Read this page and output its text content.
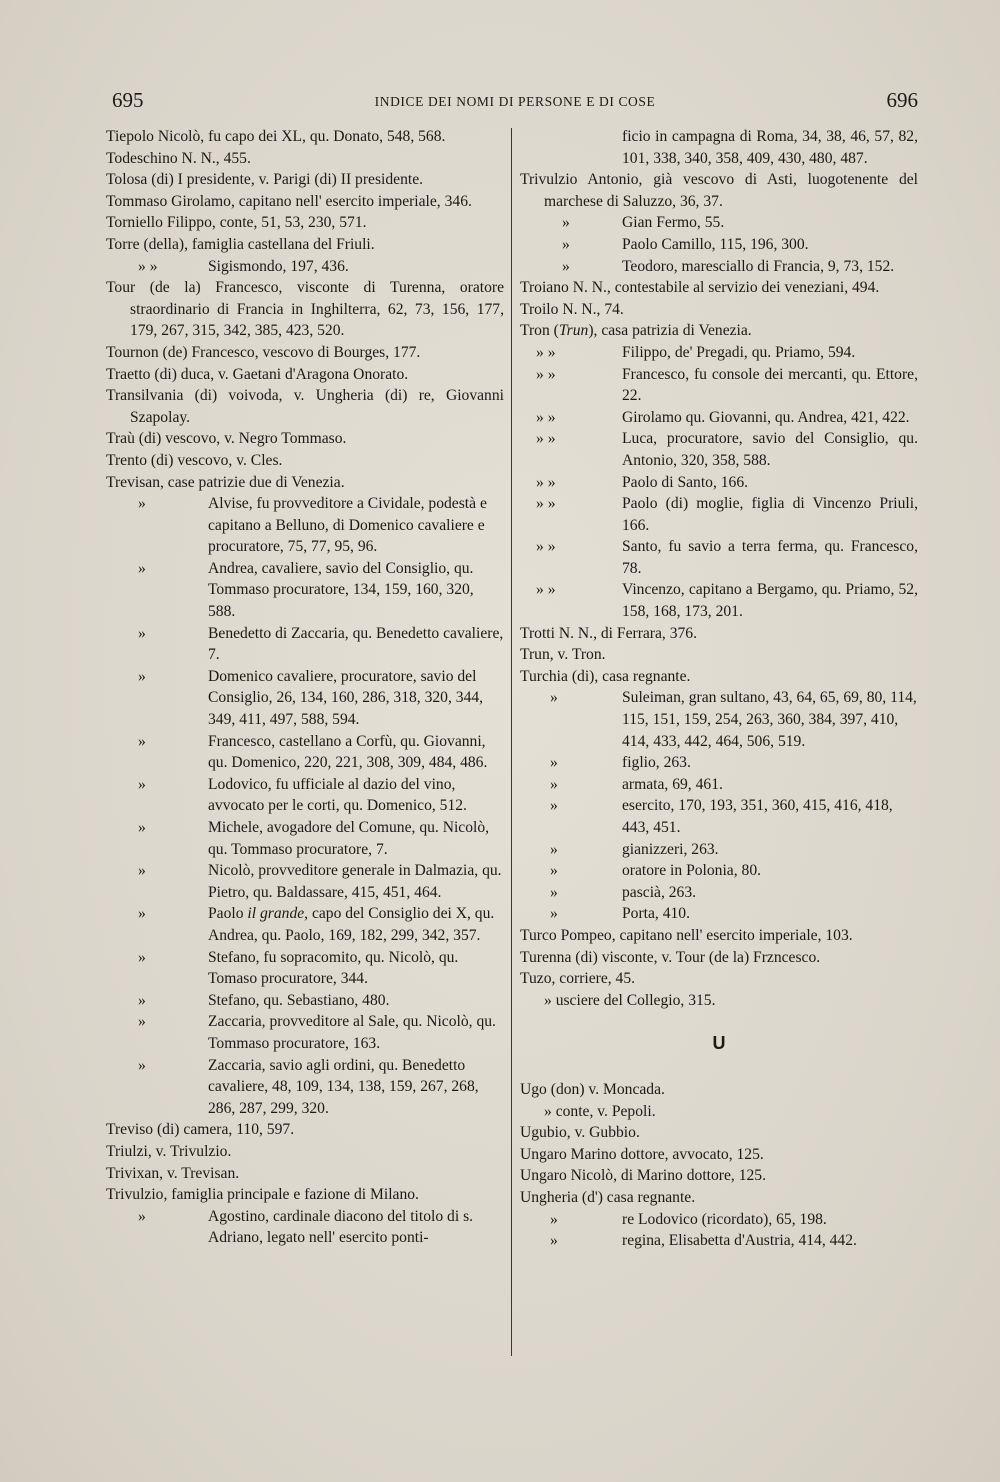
695	INDICE DEI NOMI DI PERSONE E DI COSE	696
Tiepolo Nicolò, fu capo dei XL, qu. Donato, 548, 568.
Todeschino N. N., 455.
Tolosa (di) I presidente, v. Parigi (di) II presidente.
Tommaso Girolamo, capitano nell' esercito imperiale, 346.
Torniello Filippo, conte, 51, 53, 230, 571.
Torre (della), famiglia castellana del Friuli.
» »	Sigismondo, 197, 436.
Tour (de la) Francesco, visconte di Turenna, oratore straordinario di Francia in Inghilterra, 62, 73, 156, 177, 179, 267, 315, 342, 385, 423, 520.
Tournon (de) Francesco, vescovo di Bourges, 177.
Traetto (di) duca, v. Gaetani d'Aragona Onorato.
Transilvania (di) voivoda, v. Ungheria (di) re, Giovanni Szapolay.
Traù (di) vescovo, v. Negro Tommaso.
Trento (di) vescovo, v. Cles.
Trevisan, case patrizie due di Venezia.
»	Alvise, fu provveditore a Cividale, podestà e capitano a Belluno, di Domenico cavaliere e procuratore, 75, 77, 95, 96.
»	Andrea, cavaliere, savio del Consiglio, qu. Tommaso procuratore, 134, 159, 160, 320, 588.
»	Benedetto di Zaccaria, qu. Benedetto cavaliere, 7.
»	Domenico cavaliere, procuratore, savio del Consiglio, 26, 134, 160, 286, 318, 320, 344, 349, 411, 497, 588, 594.
»	Francesco, castellano a Corfù, qu. Giovanni, qu. Domenico, 220, 221, 308, 309, 484, 486.
»	Lodovico, fu ufficiale al dazio del vino, avvocato per le corti, qu. Domenico, 512.
»	Michele, avogadore del Comune, qu. Nicolò, qu. Tommaso procuratore, 7.
»	Nicolò, provveditore generale in Dalmazia, qu. Pietro, qu. Baldassare, 415, 451, 464.
»	Paolo il grande, capo del Consiglio dei X, qu. Andrea, qu. Paolo, 169, 182, 299, 342, 357.
»	Stefano, fu sopracomito, qu. Nicolò, qu. Tomaso procuratore, 344.
»	Stefano, qu. Sebastiano, 480.
»	Zaccaria, provveditore al Sale, qu. Nicolò, qu. Tommaso procuratore, 163.
»	Zaccaria, savio agli ordini, qu. Benedetto cavaliere, 48, 109, 134, 138, 159, 267, 268, 286, 287, 299, 320.
Treviso (di) camera, 110, 597.
Triulzi, v. Trivulzio.
Trivixan, v. Trevisan.
Trivulzio, famiglia principale e fazione di Milano.
»	Agostino, cardinale diacono del titolo di s. Adriano, legato nell' esercito ponti-
ficio in campagna di Roma, 34, 38, 46, 57, 82, 101, 338, 340, 358, 409, 430, 480, 487.
Trivulzio Antonio, già vescovo di Asti, luogotenente del marchese di Saluzzo, 36, 37.
»	Gian Fermo, 55.
»	Paolo Camillo, 115, 196, 300.
»	Teodoro, maresciallo di Francia, 9, 73, 152.
Troiano N. N., contestabile al servizio dei veneziani, 494.
Troilo N. N., 74.
Tron (Trun), casa patrizia di Venezia.
» »	Filippo, de' Pregadi, qu. Priamo, 594.
» »	Francesco, fu console dei mercanti, qu. Ettore, 22.
» »	Girolamo qu. Giovanni, qu. Andrea, 421, 422.
» »	Luca, procuratore, savio del Consiglio, qu. Antonio, 320, 358, 588.
» »	Paolo di Santo, 166.
» »	Paolo (di) moglie, figlia di Vincenzo Priuli, 166.
» »	Santo, fu savio a terra ferma, qu. Francesco, 78.
» »	Vincenzo, capitano a Bergamo, qu. Priamo, 52, 158, 168, 173, 201.
Trotti N. N., di Ferrara, 376.
Trun, v. Tron.
Turchia (di), casa regnante.
»	Suleiman, gran sultano, 43, 64, 65, 69, 80, 114, 115, 151, 159, 254, 263, 360, 384, 397, 410, 414, 433, 442, 464, 506, 519.
»	figlio, 263.
»	armata, 69, 461.
»	esercito, 170, 193, 351, 360, 415, 416, 418, 443, 451.
»	gianizzeri, 263.
»	oratore in Polonia, 80.
»	pascià, 263.
»	Porta, 410.
Turco Pompeo, capitano nell' esercito imperiale, 103.
Turenna (di) visconte, v. Tour (de la) Frzncesco.
Tuzo, corriere, 45.
» usciere del Collegio, 315.
U
Ugo (don) v. Moncada.
» conte, v. Pepoli.
Ugubio, v. Gubbio.
Ungaro Marino dottore, avvocato, 125.
Ungaro Nicolò, di Marino dottore, 125.
Ungheria (d') casa regnante.
»	re Lodovico (ricordato), 65, 198.
»	regina, Elisabetta d'Austria, 414, 442.
